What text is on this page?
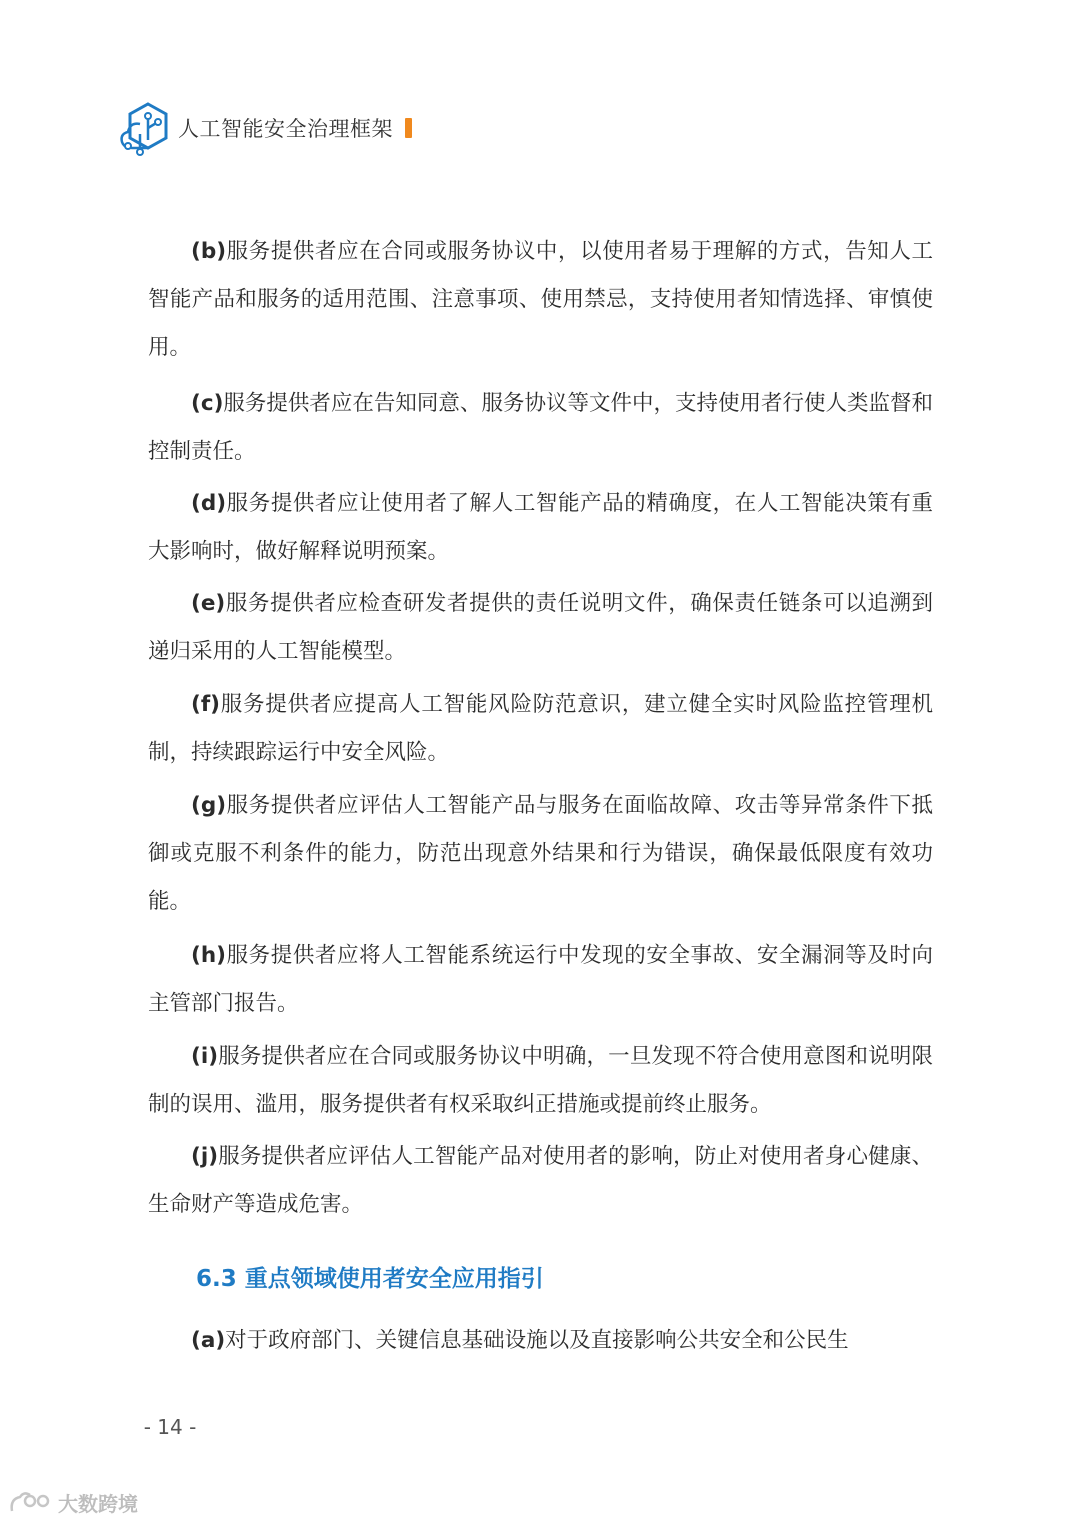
人工智能安全治理框架

(b)服务提供者应在合同或服务协议中，以使用者易于理解的方式，告知人工智能产品和服务的适用范围、注意事项、使用禁忌，支持使用者知情选择、审慎使用。

(c)服务提供者应在告知同意、服务协议等文件中，支持使用者行使人类监督和控制责任。

(d)服务提供者应让使用者了解人工智能产品的精确度，在人工智能决策有重大影响时，做好解释说明预案。

(e)服务提供者应检查研发者提供的责任说明文件，确保责任链条可以追溯到递归采用的人工智能模型。

(f)服务提供者应提高人工智能风险防范意识，建立健全实时风险监控管理机制，持续跟踪运行中安全风险。

(g)服务提供者应评估人工智能产品与服务在面临故障、攻击等异常条件下抵御或克服不利条件的能力，防范出现意外结果和行为错误，确保最低限度有效功能。

(h)服务提供者应将人工智能系统运行中发现的安全事故、安全漏洞等及时向主管部门报告。

(i)服务提供者应在合同或服务协议中明确，一旦发现不符合使用意图和说明限制的误用、滥用，服务提供者有权采取纠正措施或提前终止服务。

(j)服务提供者应评估人工智能产品对使用者的影响，防止对使用者身心健康、生命财产等造成危害。

6.3 重点领域使用者安全应用指引

(a)对于政府部门、关键信息基础设施以及直接影响公共安全和公民生

- 14 -
大数跨境
